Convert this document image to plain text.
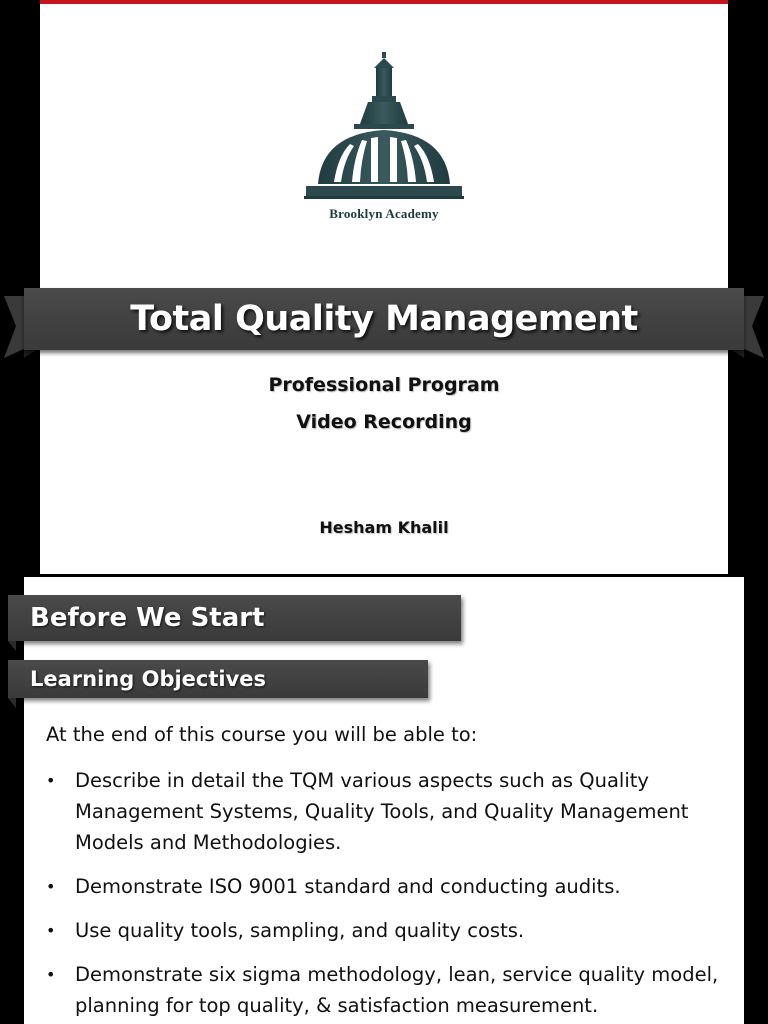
Brooklyn Academy
Professional Program
Video Recording
Hesham Khalil
Total Quality Management
Before We Start
Learning Objectives
At the end of this course you will be able to:
• Describe in detail the TQM various aspects such as Quality Management Systems, Quality Tools, and Quality Management Models and Methodologies.
• Demonstrate ISO 9001 standard and conducting audits.
• Use quality tools, sampling, and quality costs.
• Demonstrate six sigma methodology, lean, service quality model, planning for top quality, & satisfaction measurement.
